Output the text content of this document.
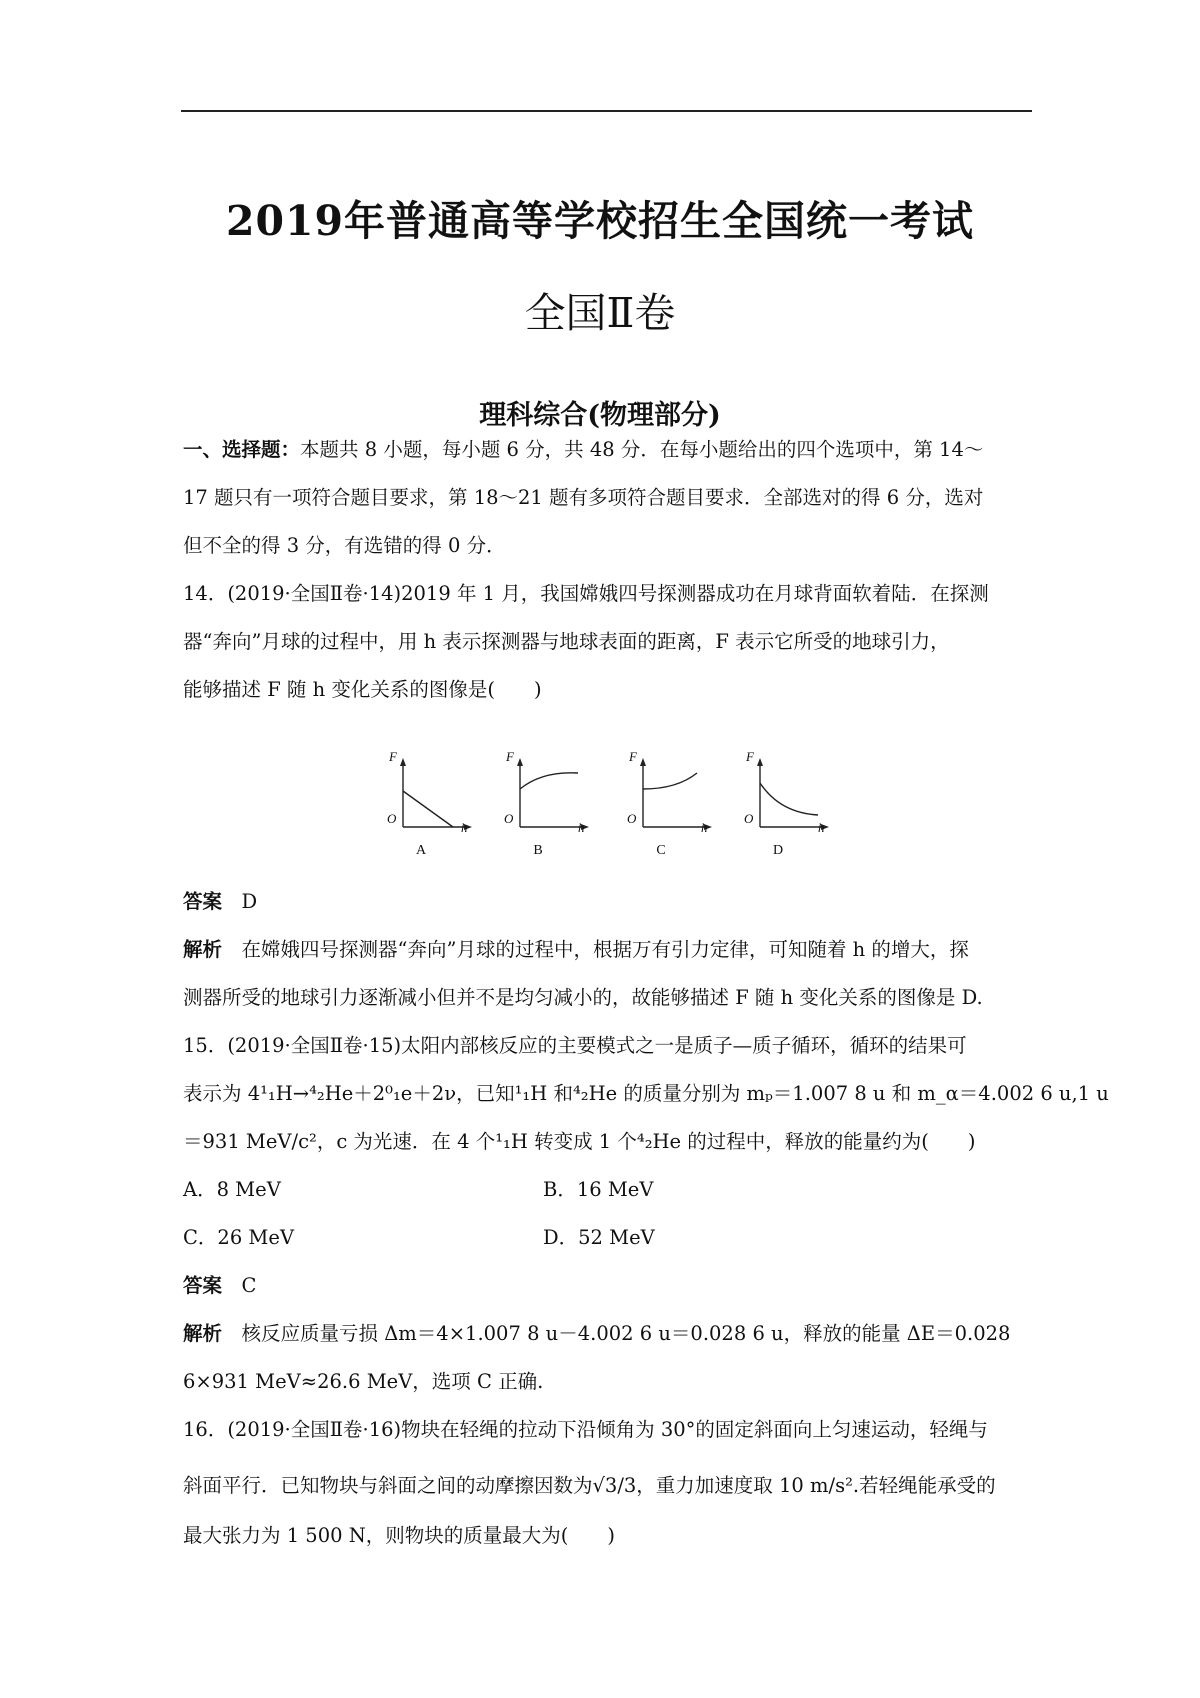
2019年普通高等学校招生全国统一考试
全国Ⅱ卷
理科综合(物理部分)
一、选择题：本题共 8 小题，每小题 6 分，共 48 分．在每小题给出的四个选项中，第 14～
17 题只有一项符合题目要求，第 18～21 题有多项符合题目要求．全部选对的得 6 分，选对
但不全的得 3 分，有选错的得 0 分．
14．(2019·全国Ⅱ卷·14)2019 年 1 月，我国嫦娥四号探测器成功在月球背面软着陆．在探测
器“奔向”月球的过程中，用 h 表示探测器与地球表面的距离，F 表示它所受的地球引力，
能够描述 F 随 h 变化关系的图像是(　　)
F
O
h
A
F
O
h
B
F
O
h
C
F
O
h
D
答案　 D
解析　 在嫦娥四号探测器“奔向”月球的过程中，根据万有引力定律，可知随着 h 的增大，探
测器所受的地球引力逐渐减小但并不是均匀减小的，故能够描述 F 随 h 变化关系的图像是 D.
15．(2019·全国Ⅱ卷·15)太阳内部核反应的主要模式之一是质子—质子循环，循环的结果可
表示为 4¹₁H→⁴₂He＋2⁰₁e＋2ν，已知¹₁H 和⁴₂He 的质量分别为 mₚ＝1.007 8 u 和 m_α＝4.002 6 u,1 u
＝931 MeV/c²，c 为光速．在 4 个¹₁H 转变成 1 个⁴₂He 的过程中，释放的能量约为(　　)
A．8 MeV	B．16 MeV
C．26 MeV	D．52 MeV
答案　 C
解析　 核反应质量亏损 Δm＝4×1.007 8 u－4.002 6 u＝0.028 6 u，释放的能量 ΔE＝0.028
6×931 MeV≈26.6 MeV，选项 C 正确.
16．(2019·全国Ⅱ卷·16)物块在轻绳的拉动下沿倾角为 30°的固定斜面向上匀速运动，轻绳与
斜面平行．已知物块与斜面之间的动摩擦因数为√3/3，重力加速度取 10 m/s².若轻绳能承受的
最大张力为 1 500 N，则物块的质量最大为(　　)
